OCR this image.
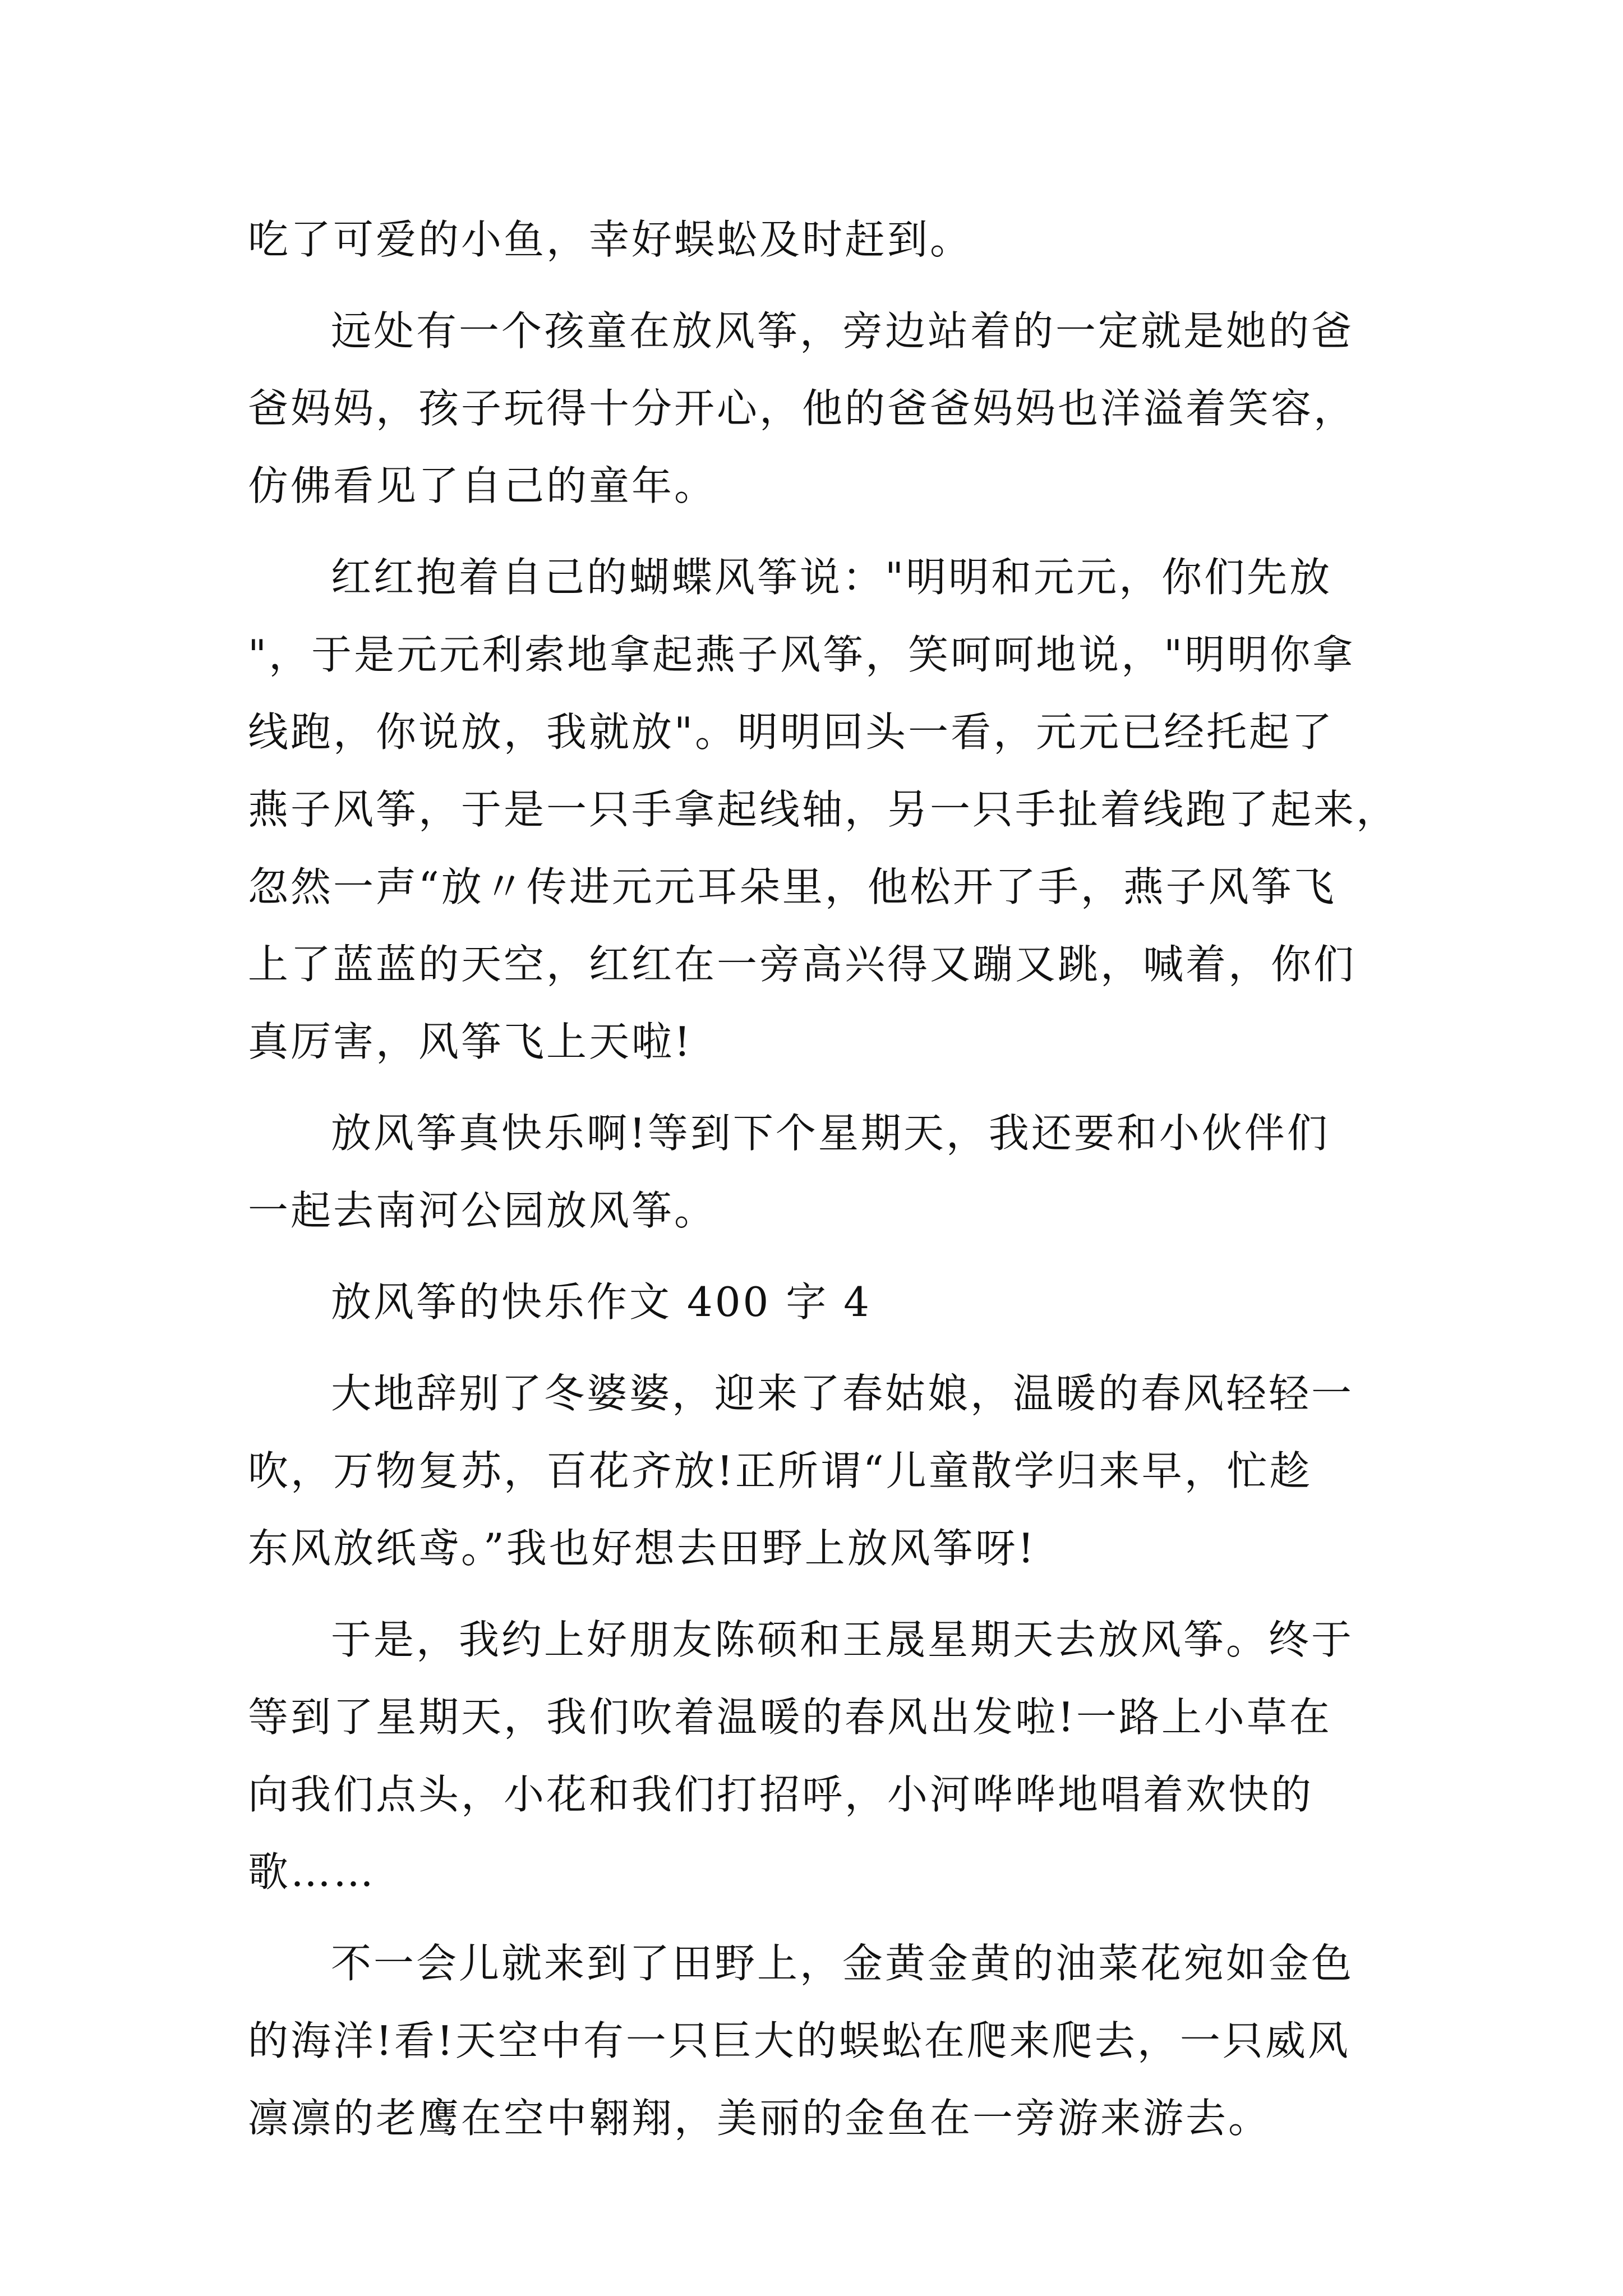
吃了可爱的小鱼，幸好蜈蚣及时赶到。
远处有一个孩童在放风筝，旁边站着的一定就是她的爸
爸妈妈，孩子玩得十分开心，他的爸爸妈妈也洋溢着笑容，
仿佛看见了自己的童年。
红红抱着自己的蝴蝶风筝说："明明和元元，你们先放
"，于是元元利索地拿起燕子风筝，笑呵呵地说，"明明你拿
线跑，你说放，我就放"。明明回头一看，元元已经托起了
燕子风筝，于是一只手拿起线轴，另一只手扯着线跑了起来，
忽然一声“放〃传进元元耳朵里，他松开了手，燕子风筝飞
上了蓝蓝的天空，红红在一旁高兴得又蹦又跳，喊着，你们
真厉害，风筝飞上天啦!
放风筝真快乐啊!等到下个星期天，我还要和小伙伴们
一起去南河公园放风筝。
放风筝的快乐作文 400 字 4
大地辞别了冬婆婆，迎来了春姑娘，温暖的春风轻轻一
吹，万物复苏，百花齐放!正所谓“儿童散学归来早，忙趁
东风放纸鸢。”我也好想去田野上放风筝呀!
于是，我约上好朋友陈硕和王晟星期天去放风筝。终于
等到了星期天，我们吹着温暖的春风出发啦!一路上小草在
向我们点头，小花和我们打招呼，小河哗哗地唱着欢快的
歌……
不一会儿就来到了田野上，金黄金黄的油菜花宛如金色
的海洋!看!天空中有一只巨大的蜈蚣在爬来爬去，一只威风
凛凛的老鹰在空中翱翔，美丽的金鱼在一旁游来游去。
